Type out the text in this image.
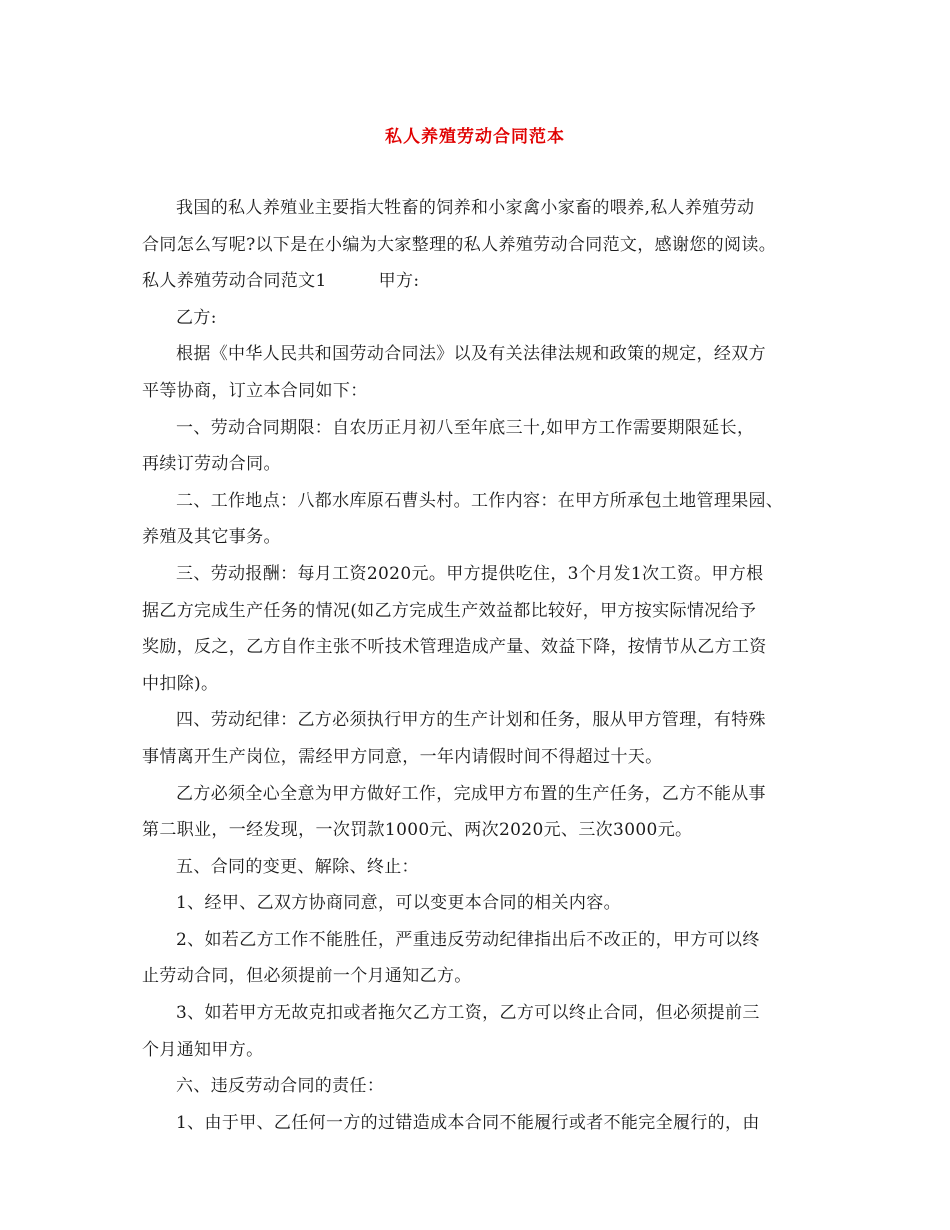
私人养殖劳动合同范本
我国的私人养殖业主要指大牲畜的饲养和小家禽小家畜的喂养,私人养殖劳动
合同怎么写呢?以下是在小编为大家整理的私人养殖劳动合同范文，感谢您的阅读。
私人养殖劳动合同范文1	甲方:
乙方:
根据《中华人民共和国劳动合同法》以及有关法律法规和政策的规定，经双方
平等协商，订立本合同如下：
一、劳动合同期限：自农历正月初八至年底三十,如甲方工作需要期限延长，
再续订劳动合同。
二、工作地点：八都水库原石曹头村。工作内容：在甲方所承包土地管理果园、
养殖及其它事务。
三、劳动报酬：每月工资2020元。甲方提供吃住，3个月发1次工资。甲方根
据乙方完成生产任务的情况(如乙方完成生产效益都比较好，甲方按实际情况给予
奖励，反之，乙方自作主张不听技术管理造成产量、效益下降，按情节从乙方工资
中扣除)。
四、劳动纪律：乙方必须执行甲方的生产计划和任务，服从甲方管理，有特殊
事情离开生产岗位，需经甲方同意，一年内请假时间不得超过十天。
乙方必须全心全意为甲方做好工作，完成甲方布置的生产任务，乙方不能从事
第二职业，一经发现，一次罚款1000元、两次2020元、三次3000元。
五、合同的变更、解除、终止：
1、经甲、乙双方协商同意，可以变更本合同的相关内容。
2、如若乙方工作不能胜任，严重违反劳动纪律指出后不改正的，甲方可以终
止劳动合同，但必须提前一个月通知乙方。
3、如若甲方无故克扣或者拖欠乙方工资，乙方可以终止合同，但必须提前三
个月通知甲方。
六、违反劳动合同的责任：
1、由于甲、乙任何一方的过错造成本合同不能履行或者不能完全履行的，由
